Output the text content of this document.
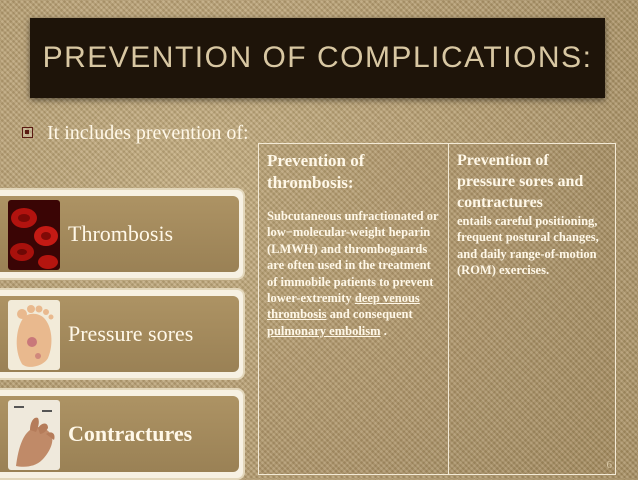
PREVENTION OF COMPLICATIONS:
It includes prevention of:
Thrombosis
Pressure sores
Contractures
Prevention of thrombosis:
Subcutaneous unfractionated or low−molecular-weight heparin (LMWH) and thromboguards are often used in the treatment of immobile patients to prevent lower-extremity deep venous thrombosis and consequent pulmonary embolism .
Prevention of pressure sores and contractures
entails careful positioning, frequent postural changes, and daily range-of-motion (ROM) exercises.
6
